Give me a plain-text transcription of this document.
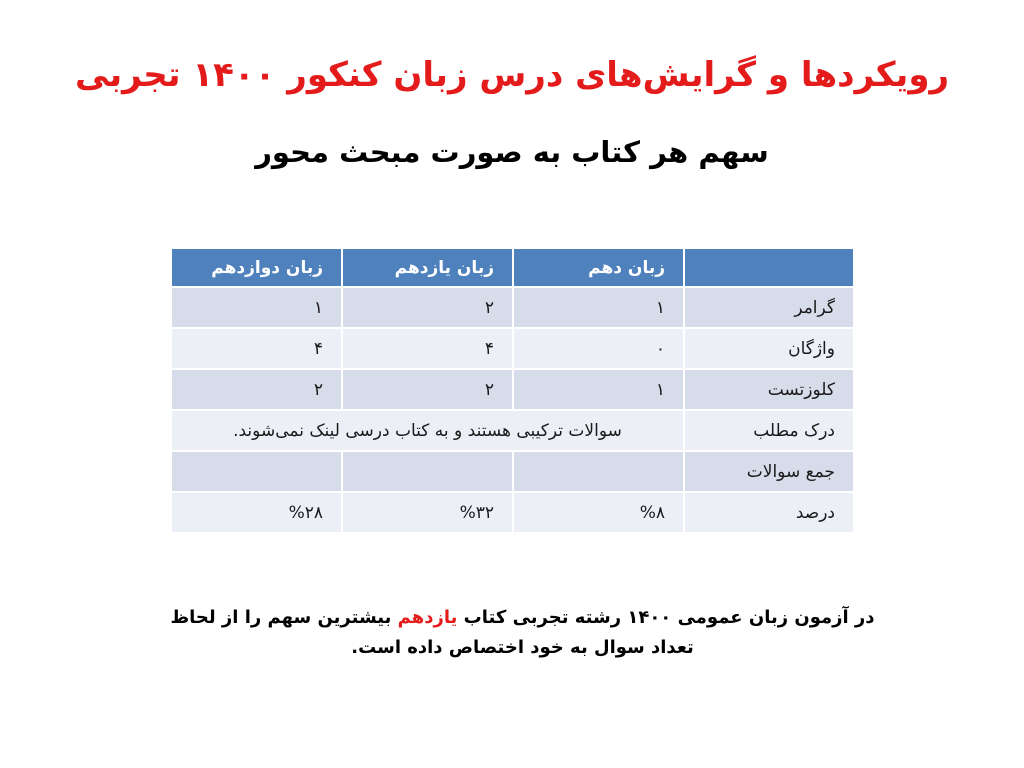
رویکردها و گرایش‌های درس زبان کنکور ۱۴۰۰ تجربی
سهم هر کتاب به صورت مبحث محور
	زبان دهم	زبان یازدهم	زبان دوازدهم
گرامر	۱	۲	۱
واژگان	۰	۴	۴
کلوزتست	۱	۲	۲
درک مطلب	سوالات ترکیبی هستند و به کتاب درسی لینک نمی‌شوند.		
جمع سوالات			
درصد	%۸	%۳۲	%۲۸
در آزمون زبان عمومی ۱۴۰۰ رشته تجربی کتاب یازدهم بیشترین سهم را از لحاظ تعداد سوال به خود اختصاص داده است.
